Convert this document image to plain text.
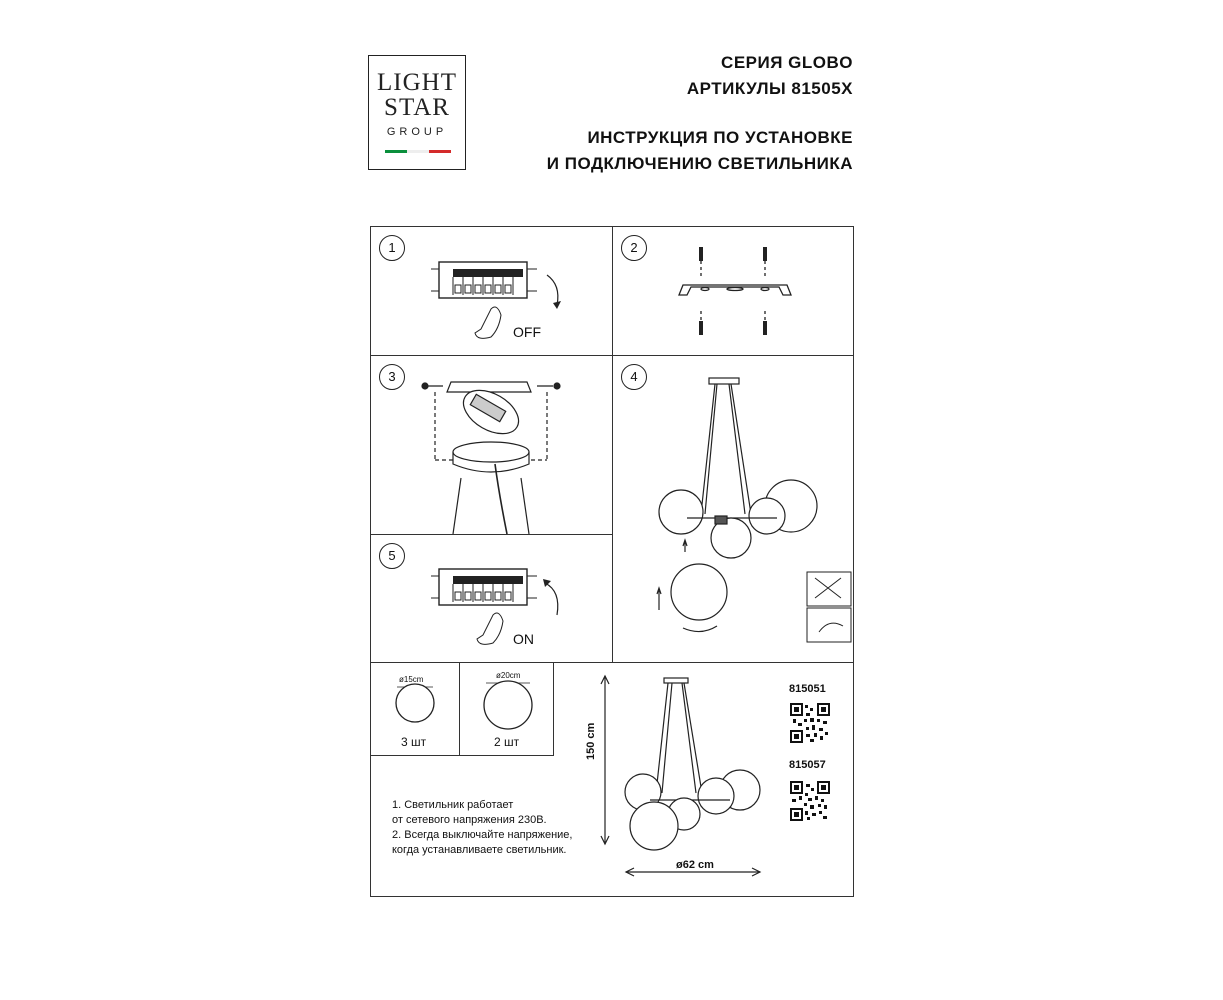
LIGHT
STAR
GROUP
СЕРИЯ GLOBO
АРТИКУЛЫ 81505X
ИНСТРУКЦИЯ ПО УСТАНОВКЕ
И ПОДКЛЮЧЕНИЮ СВЕТИЛЬНИКА
1
OFF
2
3	4
5
ON
ø15cm
3 шт
ø20cm
2 шт	150 cm
ø62 cm
815051
815057
1. Светильник работает
от сетевого напряжения 230В.
2. Всегда выключайте напряжение,
когда устанавливаете светильник.
